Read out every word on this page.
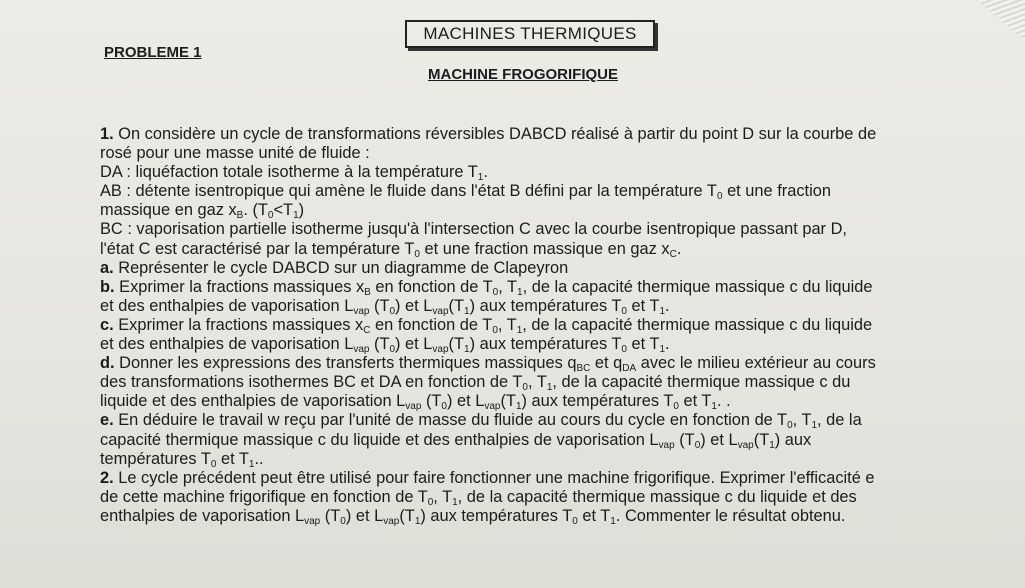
MACHINES THERMIQUES
PROBLEME 1
MACHINE FROGORIFIQUE
1. On considère un cycle de transformations réversibles DABCD réalisé à partir du point D sur la courbe de
rosé pour une masse unité de fluide :
DA : liquéfaction totale isotherme à la température $T_1$.
AB : détente isentropique qui amène le fluide dans l'état B défini par la température $T_0$ et une fraction
massique en gaz $x_B$. $(T_0<T_1)$
BC : vaporisation partielle isotherme jusqu'à l'intersection C avec la courbe isentropique passant par D,
l'état C est caractérisé par la température $T_0$ et une fraction massique en gaz $x_C$.
a. Représenter le cycle DABCD sur un diagramme de Clapeyron
b. Exprimer la fractions massiques $x_B$ en fonction de $T_0$, $T_1$, de la capacité thermique massique c du liquide
et des enthalpies de vaporisation $L_{vap}$ $(T_0)$ et $L_{vap}(T_1)$ aux températures $T_0$ et $T_1$.
c. Exprimer la fractions massiques $x_C$ en fonction de $T_0$, $T_1$, de la capacité thermique massique c du liquide
et des enthalpies de vaporisation $L_{vap}$ $(T_0)$ et $L_{vap}(T_1)$ aux températures $T_0$ et $T_1$.
d. Donner les expressions des transferts thermiques massiques $q_{BC}$ et $q_{DA}$ avec le milieu extérieur au cours
des transformations isothermes BC et DA en fonction de $T_0$, $T_1$, de la capacité thermique massique c du
liquide et des enthalpies de vaporisation $L_{vap}$ $(T_0)$ et $L_{vap}(T_1)$ aux températures $T_0$ et $T_1$. .
e. En déduire le travail w reçu par l'unité de masse du fluide au cours du cycle en fonction de $T_0$, $T_1$, de la
capacité thermique massique c du liquide et des enthalpies de vaporisation $L_{vap}$ $(T_0)$ et $L_{vap}(T_1)$ aux
températures $T_0$ et $T_1$..
2. Le cycle précédent peut être utilisé pour faire fonctionner une machine frigorifique. Exprimer l'efficacité e
de cette machine frigorifique en fonction de $T_0$, $T_1$, de la capacité thermique massique c du liquide et des
enthalpies de vaporisation $L_{vap}$ $(T_0)$ et $L_{vap}(T_1)$ aux températures $T_0$ et $T_1$. Commenter le résultat obtenu.
